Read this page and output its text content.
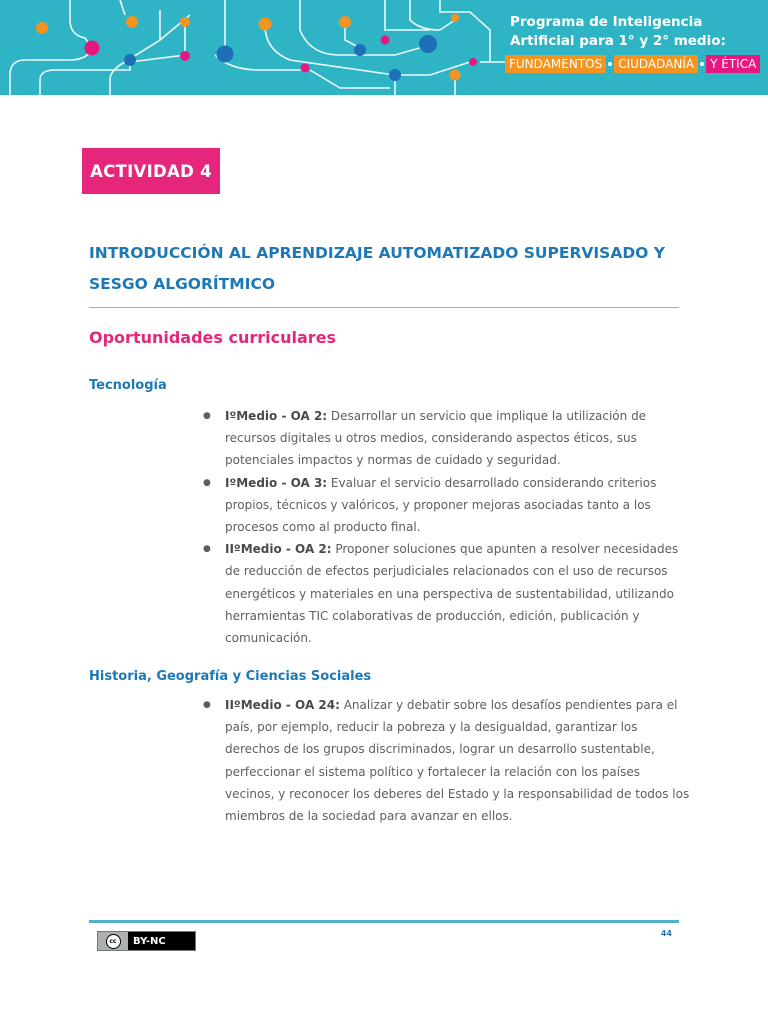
Programa de Inteligencia Artificial para 1° y 2° medio:
FUNDAMENTOS	CIUDADANÍA	Y ÉTICA
ACTIVIDAD 4
INTRODUCCIÓN AL APRENDIZAJE AUTOMATIZADO SUPERVISADO Y SESGO ALGORÍTMICO
Oportunidades curriculares
Tecnología
● IºMedio - OA 2: Desarrollar un servicio que implique la utilización de recursos digitales u otros medios, considerando aspectos éticos, sus potenciales impactos y normas de cuidado y seguridad.
● IºMedio - OA 3: Evaluar el servicio desarrollado considerando criterios propios, técnicos y valóricos, y proponer mejoras asociadas tanto a los procesos como al producto final.
● IIºMedio - OA 2: Proponer soluciones que apunten a resolver necesidades de reducción de efectos perjudiciales relacionados con el uso de recursos energéticos y materiales en una perspectiva de sustentabilidad, utilizando herramientas TIC colaborativas de producción, edición, publicación y comunicación.
Historia, Geografía y Ciencias Sociales
● IIºMedio - OA 24: Analizar y debatir sobre los desafíos pendientes para el país, por ejemplo, reducir la pobreza y la desigualdad, garantizar los derechos de los grupos discriminados, lograr un desarrollo sustentable, perfeccionar el sistema político y fortalecer la relación con los países vecinos, y reconocer los deberes del Estado y la responsabilidad de todos los miembros de la sociedad para avanzar en ellos.
cc	BY-NC
44
